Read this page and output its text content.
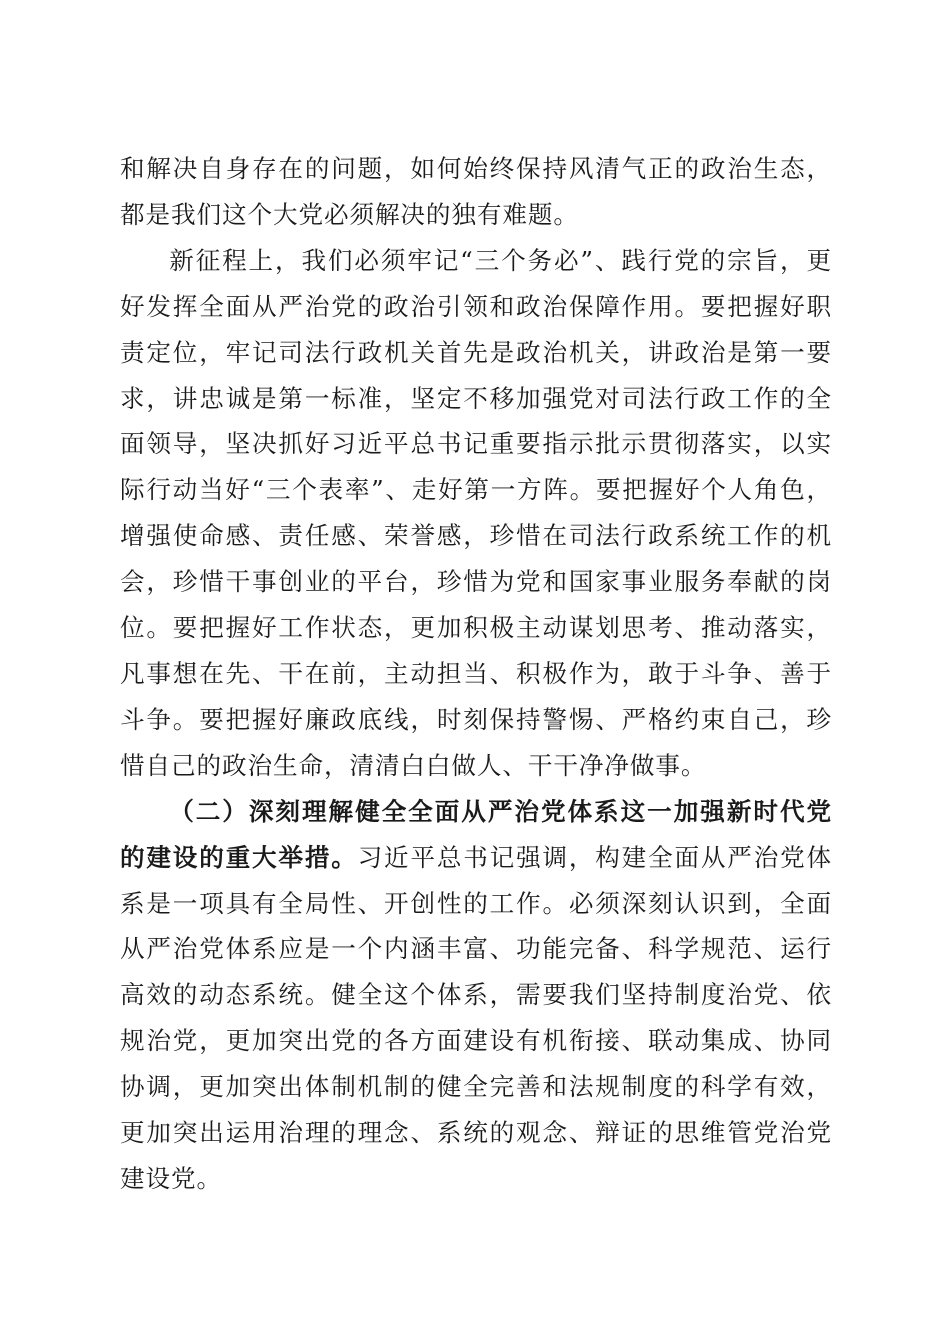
和解决自身存在的问题，如何始终保持风清气正的政治生态，都是我们这个大党必须解决的独有难题。

新征程上，我们必须牢记“三个务必”、践行党的宗旨，更好发挥全面从严治党的政治引领和政治保障作用。要把握好职责定位，牢记司法行政机关首先是政治机关，讲政治是第一要求，讲忠诚是第一标准，坚定不移加强党对司法行政工作的全面领导，坚决抓好习近平总书记重要指示批示贯彻落实，以实际行动当好“三个表率”、走好第一方阵。要把握好个人角色，增强使命感、责任感、荣誉感，珍惜在司法行政系统工作的机会，珍惜干事创业的平台，珍惜为党和国家事业服务奉献的岗位。要把握好工作状态，更加积极主动谋划思考、推动落实，凡事想在先、干在前，主动担当、积极作为，敢于斗争、善于斗争。要把握好廉政底线，时刻保持警惕、严格约束自己，珍惜自己的政治生命，清清白白做人、干干净净做事。

（二）深刻理解健全全面从严治党体系这一加强新时代党的建设的重大举措。习近平总书记强调，构建全面从严治党体系是一项具有全局性、开创性的工作。必须深刻认识到，全面从严治党体系应是一个内涵丰富、功能完备、科学规范、运行高效的动态系统。健全这个体系，需要我们坚持制度治党、依规治党，更加突出党的各方面建设有机衔接、联动集成、协同协调，更加突出体制机制的健全完善和法规制度的科学有效，更加突出运用治理的理念、系统的观念、辩证的思维管党治党建设党。
